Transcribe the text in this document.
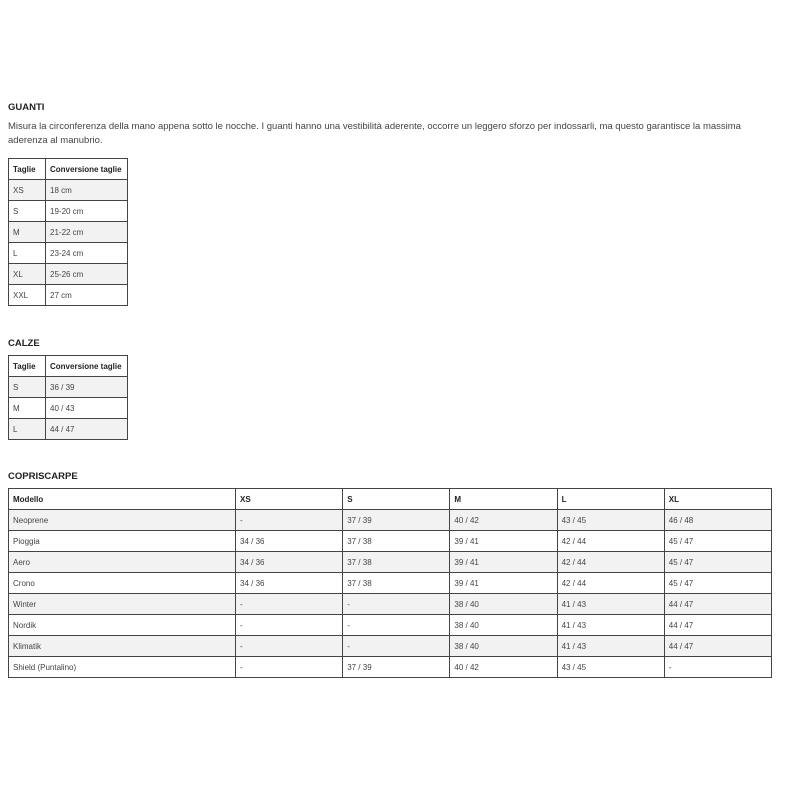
GUANTI

Misura la circonferenza della mano appena sotto le nocche. I guanti hanno una vestibilità aderente, occorre un leggero sforzo per indossarli, ma questo garantisce la massima aderenza al manubrio.

Taglie	Conversione taglie
XS	18 cm
S	19-20 cm
M	21-22 cm
L	23-24 cm
XL	25-26 cm
XXL	27 cm
CALZE
Taglie	Conversione taglie
S	36 / 39
M	40 / 43
L	44 / 47
COPRISCARPE
Modello	XS	S	M	L	XL
Neoprene	-	37 / 39	40 / 42	43 / 45	46 / 48
Pioggia	34 / 36	37 / 38	39 / 41	42 / 44	45 / 47
Aero	34 / 36	37 / 38	39 / 41	42 / 44	45 / 47
Crono	34 / 36	37 / 38	39 / 41	42 / 44	45 / 47
Winter	-	-	38 / 40	41 / 43	44 / 47
Nordik	-	-	38 / 40	41 / 43	44 / 47
Klimatik	-	-	38 / 40	41 / 43	44 / 47
Shield (Puntalino)	-	37 / 39	40 / 42	43 / 45	-
